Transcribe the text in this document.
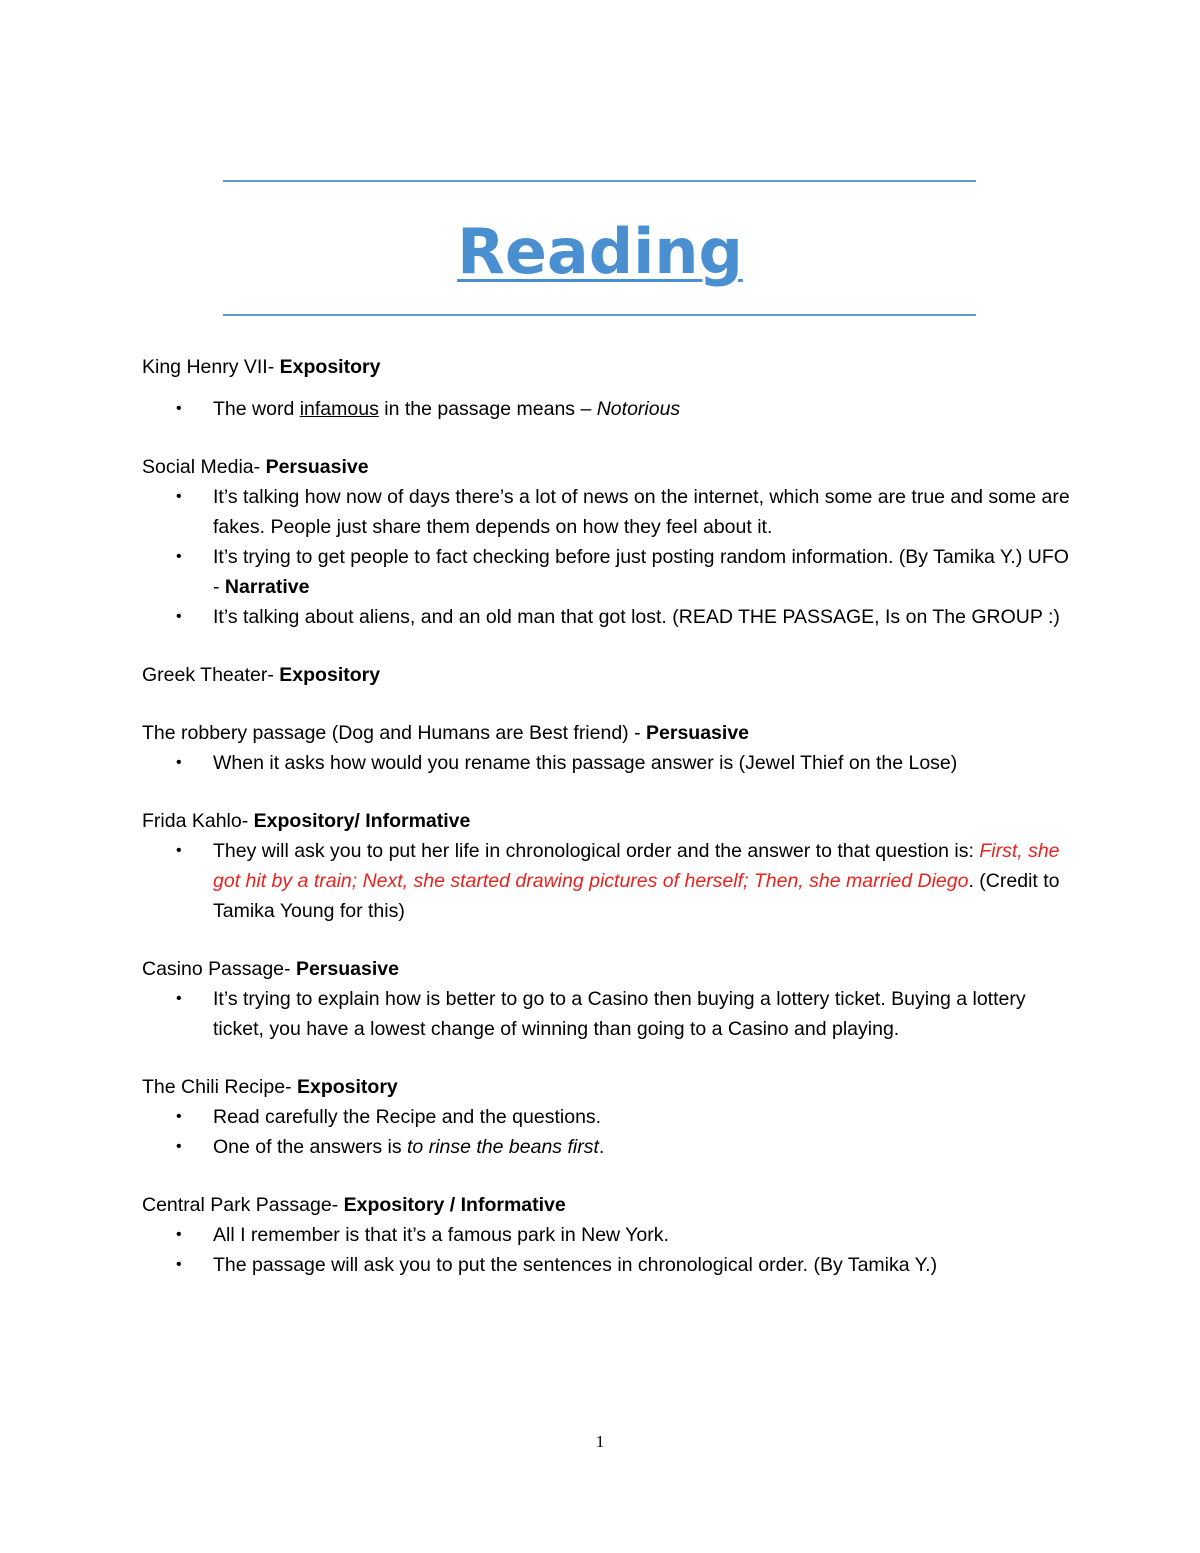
Reading

King Henry VII- Expository

• The word infamous in the passage means – Notorious

Social Media- Persuasive

• It’s talking how now of days there’s a lot of news on the internet, which some are true and some are fakes. People just share them depends on how they feel about it.
• It’s trying to get people to fact checking before just posting random information. (By Tamika Y.) UFO - Narrative
• It’s talking about aliens, and an old man that got lost. (READ THE PASSAGE, Is on The GROUP :)

Greek Theater- Expository

The robbery passage (Dog and Humans are Best friend) - Persuasive

• When it asks how would you rename this passage answer is (Jewel Thief on the Lose)

Frida Kahlo- Expository/ Informative

• They will ask you to put her life in chronological order and the answer to that question is: First, she got hit by a train; Next, she started drawing pictures of herself; Then, she married Diego. (Credit to Tamika Young for this)

Casino Passage- Persuasive

• It’s trying to explain how is better to go to a Casino then buying a lottery ticket. Buying a lottery ticket, you have a lowest change of winning than going to a Casino and playing.

The Chili Recipe- Expository

• Read carefully the Recipe and the questions.
• One of the answers is to rinse the beans first.

Central Park Passage- Expository / Informative

• All I remember is that it’s a famous park in New York.
• The passage will ask you to put the sentences in chronological order. (By Tamika Y.)
1
